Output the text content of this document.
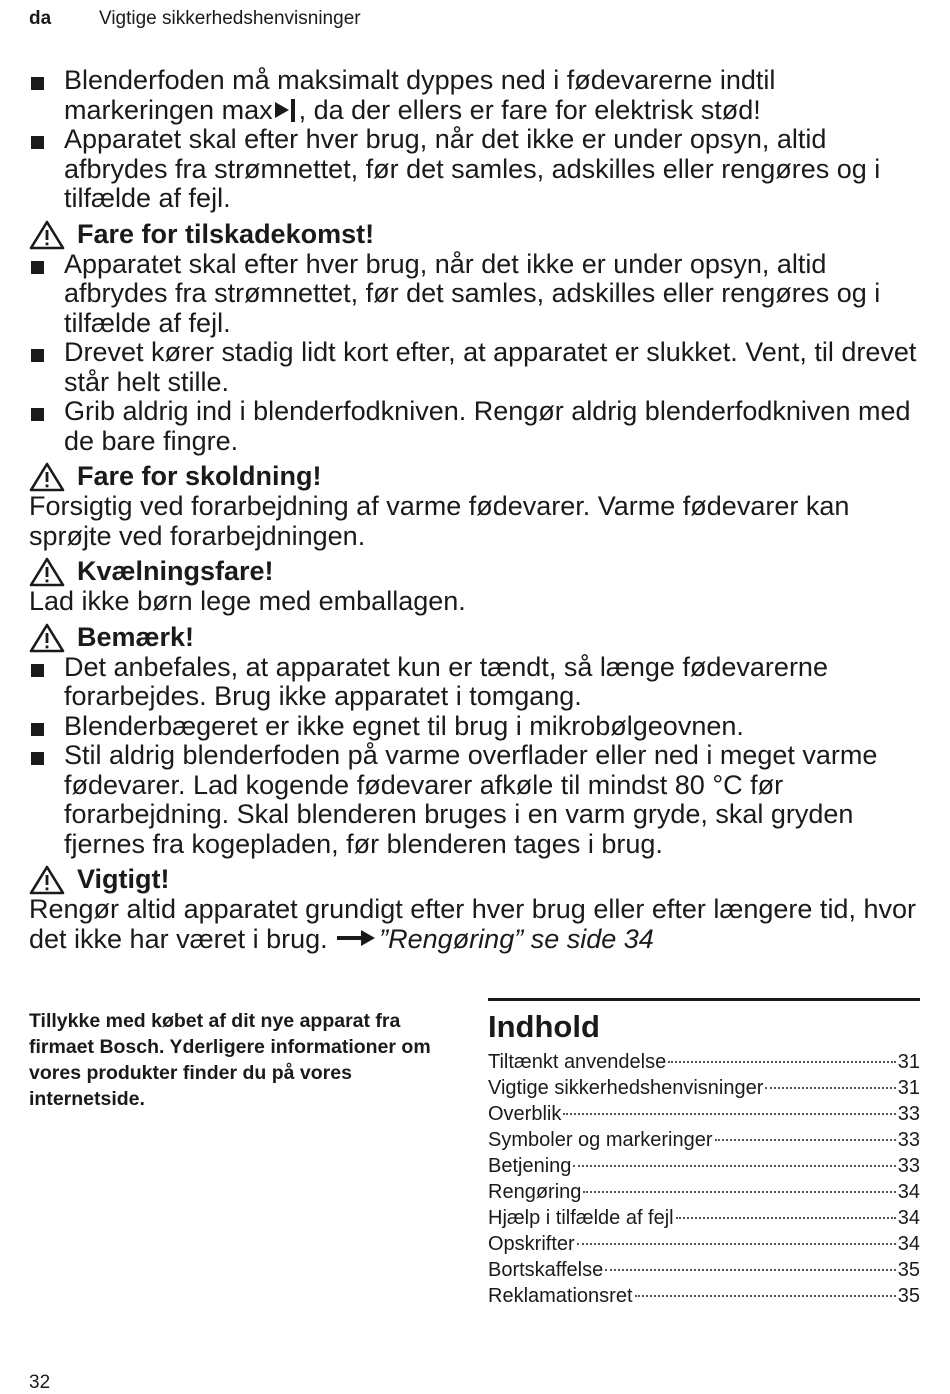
da	Vigtige sikkerhedshenvisninger
Blenderfoden må maksimalt dyppes ned i fødevarerne indtil
markeringen max , da der ellers er fare for elektrisk stød!
Apparatet skal efter hver brug, når det ikke er under opsyn, altid afbrydes fra strømnettet, før det samles, adskilles eller rengøres og i tilfælde af fejl.
Fare for tilskadekomst!
Apparatet skal efter hver brug, når det ikke er under opsyn, altid afbrydes fra strømnettet, før det samles, adskilles eller rengøres og i tilfælde af fejl.
Drevet kører stadig lidt kort efter, at apparatet er slukket. Vent, til drevet står helt stille.
Grib aldrig ind i blenderfodkniven. Rengør aldrig blenderfodkniven med de bare fingre.
Fare for skoldning!

Forsigtig ved forarbejdning af varme fødevarer. Varme fødevarer kan sprøjte ved forarbejdningen.

Kvælningsfare!

Lad ikke børn lege med emballagen.

Bemærk!
Det anbefales, at apparatet kun er tændt, så længe fødevarerne forarbejdes. Brug ikke apparatet i tomgang.
Blenderbægeret er ikke egnet til brug i mikrobølgeovnen.
Stil aldrig blenderfoden på varme overflader eller ned i meget varme fødevarer. Lad kogende fødevarer afkøle til mindst 80 °C før forarbejdning. Skal blenderen bruges i en varm gryde, skal gryden fjernes fra kogepladen, før blenderen tages i brug.
Vigtigt!

Rengør altid apparatet grundigt efter hver brug eller efter længere tid, hvor det ikke har været i brug. ”Rengøring” se side 34

Tillykke med købet af dit nye apparat fra firmaet Bosch. Yderligere informationer om vores produkter finder du på vores internetside.
Indhold
Tiltænkt anvendelse	31
Vigtige sikkerhedshenvisninger	31
Overblik	33
Symboler og markeringer	33
Betjening	33
Rengøring	34
Hjælp i tilfælde af fejl	34
Opskrifter	34
Bortskaffelse	35
Reklamationsret	35
32
